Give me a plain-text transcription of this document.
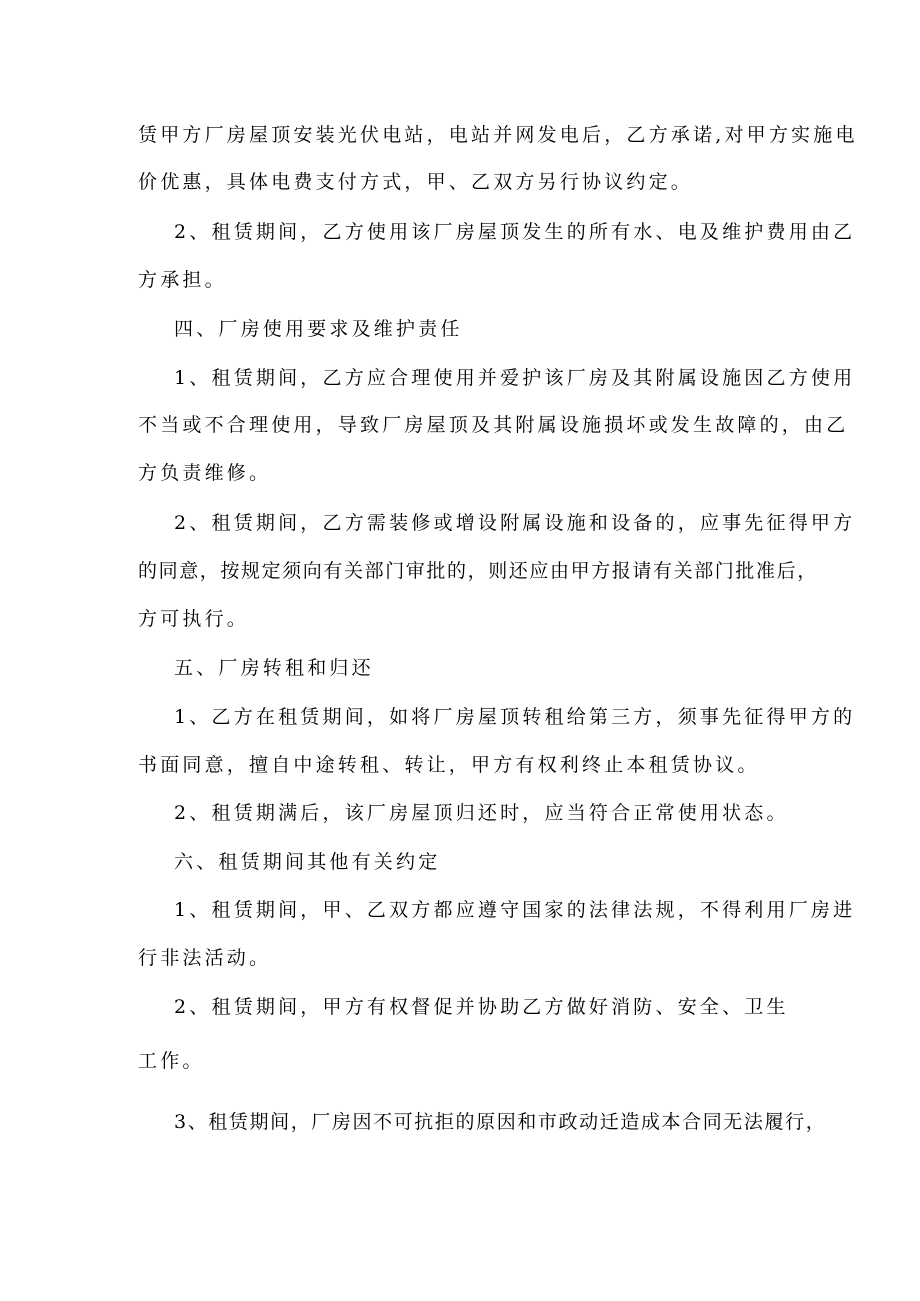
赁甲方厂房屋顶安装光伏电站，电站并网发电后，乙方承诺,对甲方实施电
价优惠，具体电费支付方式，甲、乙双方另行协议约定。
2、租赁期间，乙方使用该厂房屋顶发生的所有水、电及维护费用由乙
方承担。
四、厂房使用要求及维护责任
1、租赁期间，乙方应合理使用并爱护该厂房及其附属设施因乙方使用
不当或不合理使用，导致厂房屋顶及其附属设施损坏或发生故障的，由乙
方负责维修。
2、租赁期间，乙方需装修或增设附属设施和设备的，应事先征得甲方
的同意，按规定须向有关部门审批的，则还应由甲方报请有关部门批准后，
方可执行。
五、厂房转租和归还
1、乙方在租赁期间，如将厂房屋顶转租给第三方，须事先征得甲方的
书面同意，擅自中途转租、转让，甲方有权利终止本租赁协议。
2、租赁期满后，该厂房屋顶归还时，应当符合正常使用状态。
六、租赁期间其他有关约定
1、租赁期间，甲、乙双方都应遵守国家的法律法规，不得利用厂房进
行非法活动。
2、租赁期间，甲方有权督促并协助乙方做好消防、安全、卫生
工作。
3、租赁期间，厂房因不可抗拒的原因和市政动迁造成本合同无法履行，
